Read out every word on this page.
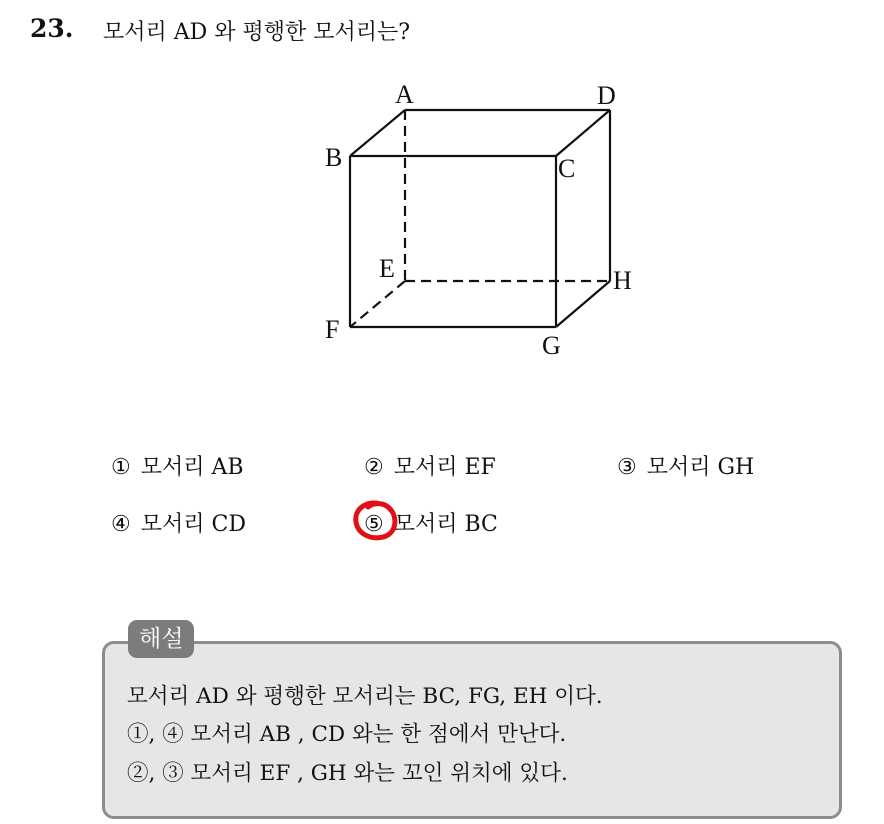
23. 모서리 AD 와 평행한 모서리는?
A
B	C
D
E
F
G
H
① 모서리 AB	② 모서리 EF	③ 모서리 GH
④ 모서리 CD	⑤ 모서리 BC
해설
모서리 AD 와 평행한 모서리는 BC, FG, EH 이다.
①, ④ 모서리 AB , CD 와는 한 점에서 만난다.
②, ③ 모서리 EF , GH 와는 꼬인 위치에 있다.
